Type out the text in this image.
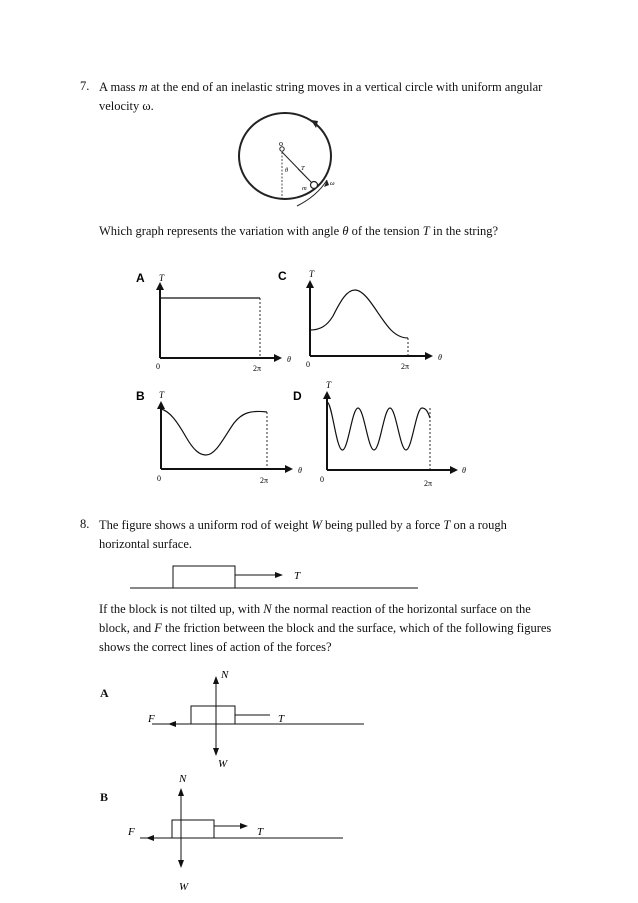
7. A mass m at the end of an inelastic string moves in a vertical circle with uniform angular velocity ω.
o
θ T
m
ω
Which graph represents the variation with angle θ of the tension T in the string?
A T
0	2π
θ
C T
0	2π
θ
B T
0	2π
θ
D
T
0	2π
θ
8. The figure shows a uniform rod of weight W being pulled by a force T on a rough horizontal surface.
T
If the block is not tilted up, with N the normal reaction of the horizontal surface on the block, and F the friction between the block and the surface, which of the following figures shows the correct lines of action of the forces?
A
N
F	T
W
B
N
F	T
W
